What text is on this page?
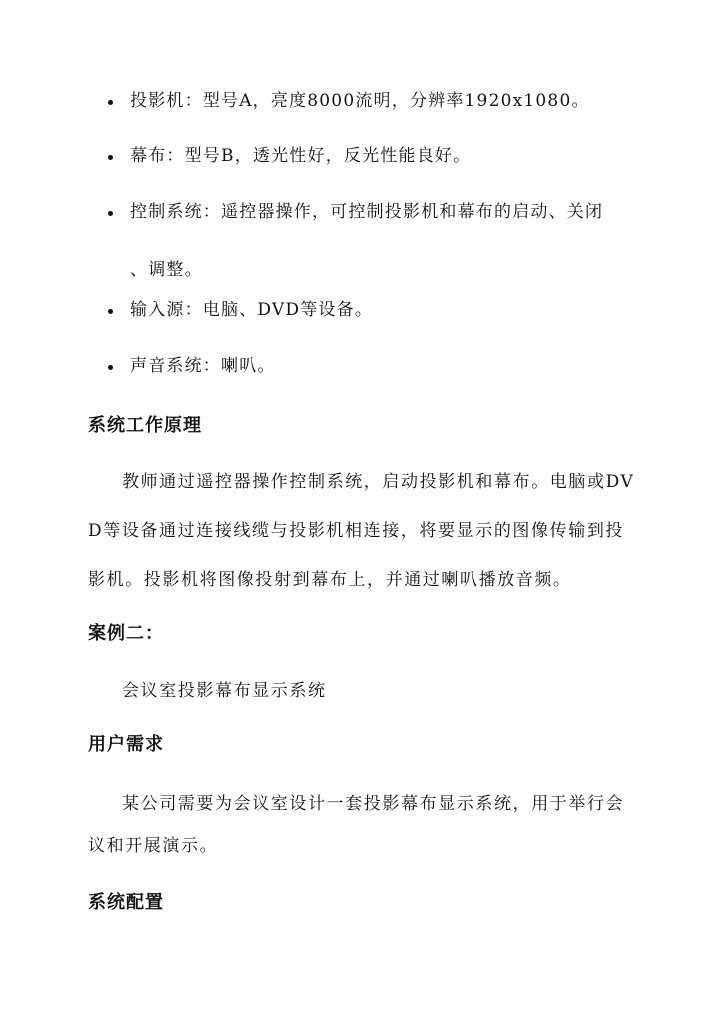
投影机：型号A，亮度8000流明，分辨率1920x1080。
幕布：型号B，透光性好，反光性能良好。
控制系统：遥控器操作，可控制投影机和幕布的启动、关闭
、调整。
输入源：电脑、DVD等设备。
声音系统：喇叭。
系统工作原理
教师通过遥控器操作控制系统，启动投影机和幕布。电脑或DV
D等设备通过连接线缆与投影机相连接，将要显示的图像传输到投
影机。投影机将图像投射到幕布上，并通过喇叭播放音频。
案例二：
会议室投影幕布显示系统
用户需求
某公司需要为会议室设计一套投影幕布显示系统，用于举行会
议和开展演示。
系统配置
